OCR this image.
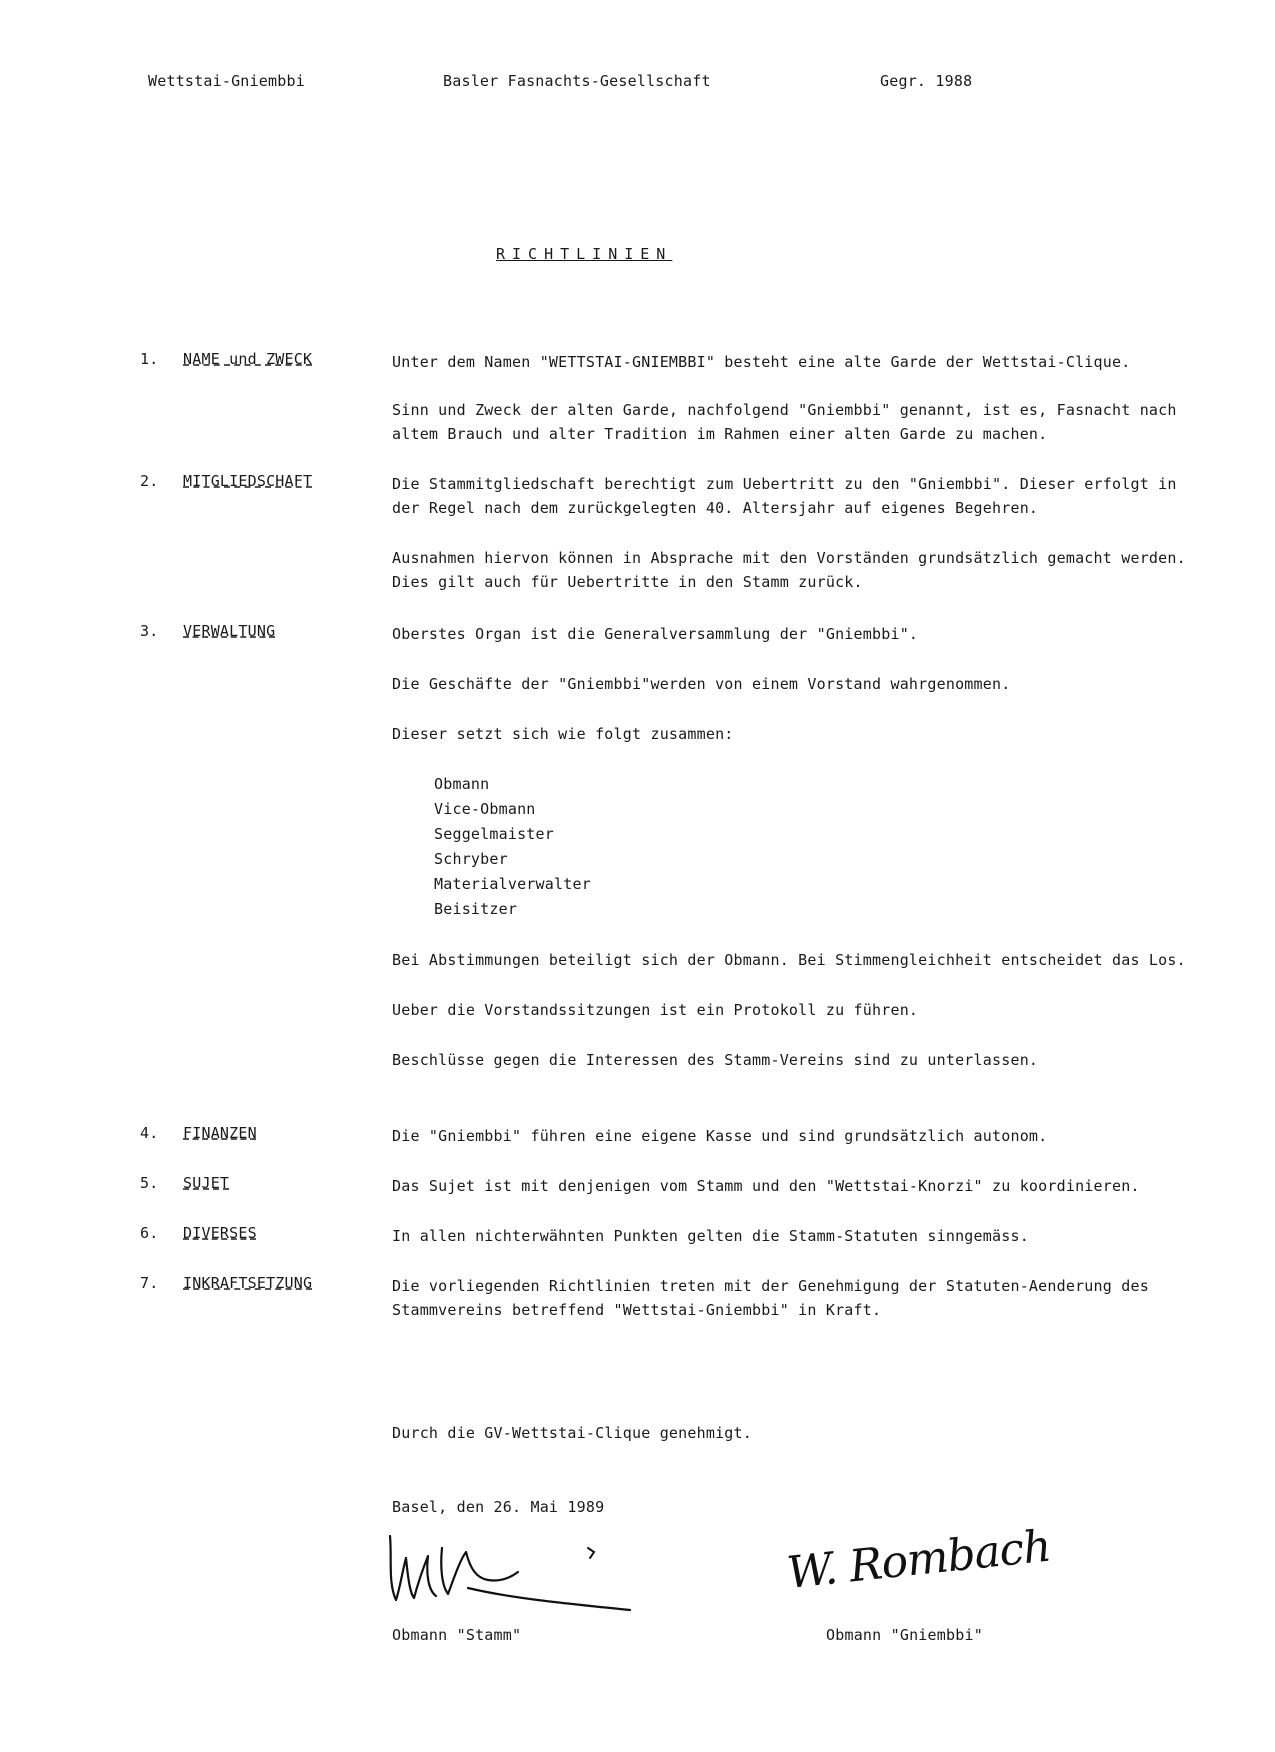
Wettstai-Gniembbi	Basler Fasnachts-Gesellschaft	Gegr. 1988
RICHTLINIEN
1.	NAME und ZWECK	Unter dem Namen "WETTSTAI-GNIEMBBI" besteht eine alte Garde der Wettstai-Clique.
Sinn und Zweck der alten Garde, nachfolgend "Gniembbi" genannt, ist es, Fasnacht nach
altem Brauch und alter Tradition im Rahmen einer alten Garde zu machen.
2.	MITGLIEDSCHAFT	Die Stammitgliedschaft berechtigt zum Uebertritt zu den "Gniembbi". Dieser erfolgt in
der Regel nach dem zurückgelegten 40. Altersjahr auf eigenes Begehren.
Ausnahmen hiervon können in Absprache mit den Vorständen grundsätzlich gemacht werden.
Dies gilt auch für Uebertritte in den Stamm zurück.
3.	VERWALTUNG	Oberstes Organ ist die Generalversammlung der "Gniembbi".
Die Geschäfte der "Gniembbi"werden von einem Vorstand wahrgenommen.
Dieser setzt sich wie folgt zusammen:
Obmann
Vice-Obmann
Seggelmaister
Schryber
Materialverwalter
Beisitzer
Bei Abstimmungen beteiligt sich der Obmann. Bei Stimmengleichheit entscheidet das Los.
Ueber die Vorstandssitzungen ist ein Protokoll zu führen.
Beschlüsse gegen die Interessen des Stamm-Vereins sind zu unterlassen.
4.	FINANZEN	Die "Gniembbi" führen eine eigene Kasse und sind grundsätzlich autonom.
5.	SUJET	Das Sujet ist mit denjenigen vom Stamm und den "Wettstai-Knorzi" zu koordinieren.
6.	DIVERSES	In allen nichterwähnten Punkten gelten die Stamm-Statuten sinngemäss.
7.	INKRAFTSETZUNG	Die vorliegenden Richtlinien treten mit der Genehmigung der Statuten-Aenderung des
Stammvereins betreffend "Wettstai-Gniembbi" in Kraft.
Durch die GV-Wettstai-Clique genehmigt.
Basel, den 26. Mai 1989
W. Rombach
Obmann "Stamm"	Obmann "Gniembbi"
